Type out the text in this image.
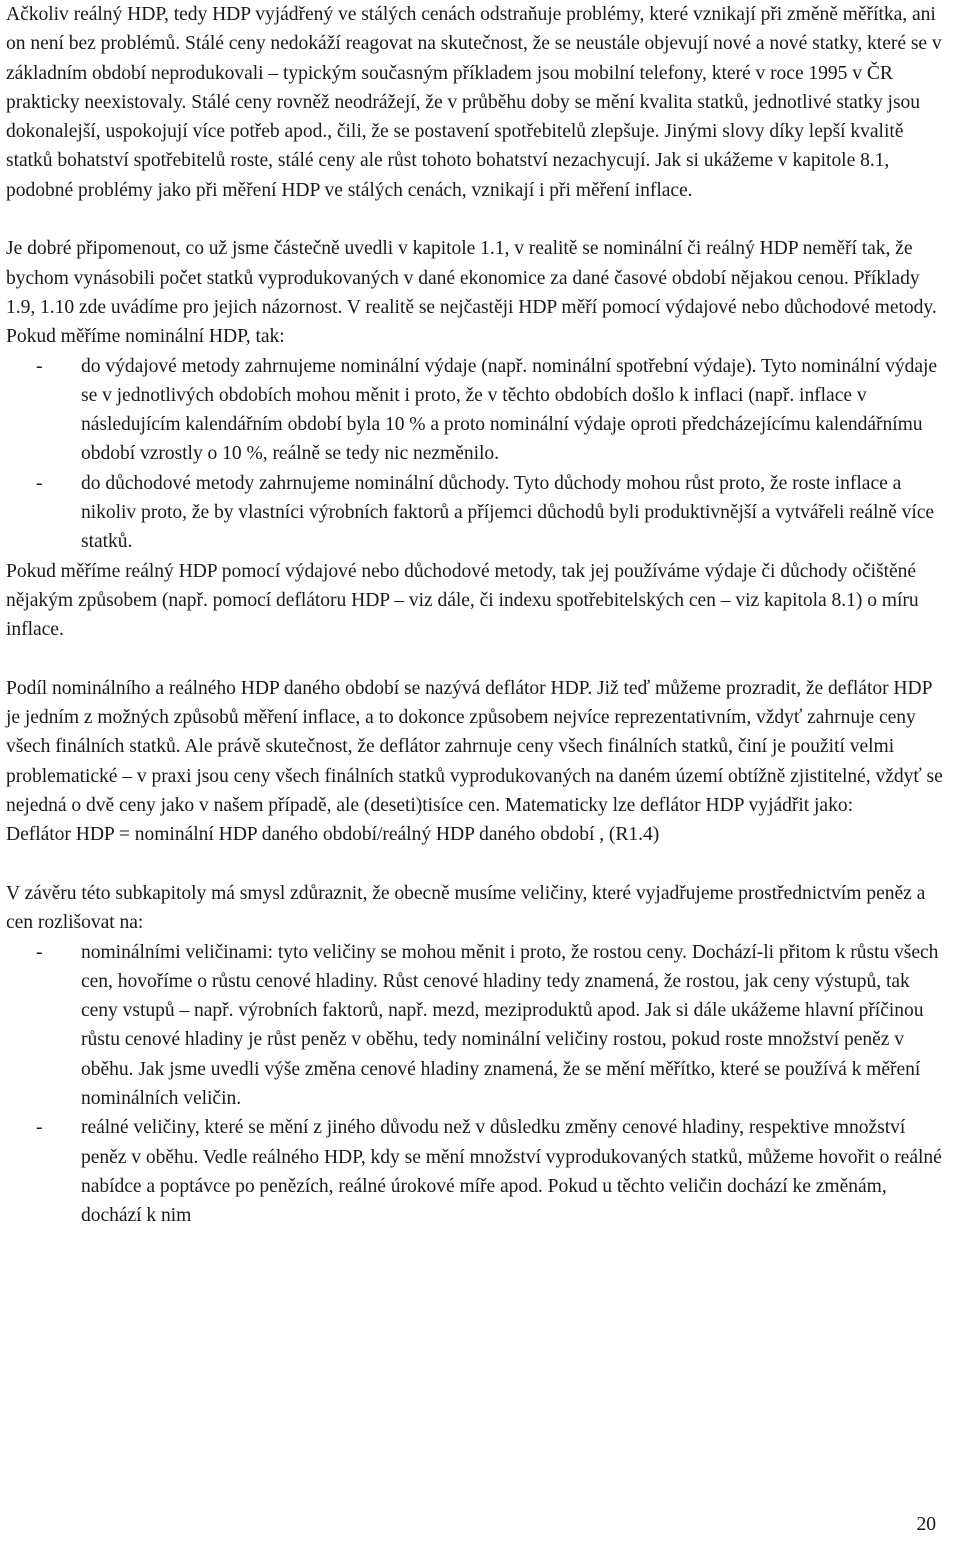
Ačkoliv reálný HDP, tedy HDP vyjádřený ve stálých cenách odstraňuje problémy, které vznikají při změně měřítka, ani on není bez problémů. Stálé ceny nedokáží reagovat na skutečnost, že se neustále objevují nové a nové statky, které se v základním období neprodukovali – typickým současným příkladem jsou mobilní telefony, které v roce 1995 v ČR prakticky neexistovaly. Stálé ceny rovněž neodrážejí, že v průběhu doby se mění kvalita statků, jednotlivé statky jsou dokonalejší, uspokojují více potřeb apod., čili, že se postavení spotřebitelů zlepšuje. Jinými slovy díky lepší kvalitě statků bohatství spotřebitelů roste, stálé ceny ale růst tohoto bohatství nezachycují. Jak si ukážeme v kapitole 8.1, podobné problémy jako při měření HDP ve stálých cenách, vznikají i při měření inflace.

Je dobré připomenout, co už jsme částečně uvedli v kapitole 1.1, v realitě se nominální či reálný HDP neměří tak, že bychom vynásobili počet statků vyprodukovaných v dané ekonomice za dané časové období nějakou cenou. Příklady 1.9, 1.10 zde uvádíme pro jejich názornost. V realitě se nejčastěji HDP měří pomocí výdajové nebo důchodové metody. Pokud měříme nominální HDP, tak:

- do výdajové metody zahrnujeme nominální výdaje (např. nominální spotřební výdaje). Tyto nominální výdaje se v jednotlivých obdobích mohou měnit i proto, že v těchto obdobích došlo k inflaci (např. inflace v následujícím kalendářním období byla 10 % a proto nominální výdaje oproti předcházejícímu kalendářnímu období vzrostly o 10 %, reálně se tedy nic nezměnilo.
- do důchodové metody zahrnujeme nominální důchody. Tyto důchody mohou růst proto, že roste inflace a nikoliv proto, že by vlastníci výrobních faktorů a příjemci důchodů byli produktivnější a vytvářeli reálně více statků.

Pokud měříme reálný HDP pomocí výdajové nebo důchodové metody, tak jej používáme výdaje či důchody očištěné nějakým způsobem (např. pomocí deflátoru HDP – viz dále, či indexu spotřebitelských cen – viz kapitola 8.1) o míru inflace.

Podíl nominálního a reálného HDP daného období se nazývá deflátor HDP. Již teď můžeme prozradit, že deflátor HDP je jedním z možných způsobů měření inflace, a to dokonce způsobem nejvíce reprezentativním, vždyť zahrnuje ceny všech finálních statků. Ale právě skutečnost, že deflátor zahrnuje ceny všech finálních statků, činí je použití velmi problematické – v praxi jsou ceny všech finálních statků vyprodukovaných na daném území obtížně zjistitelné, vždyť se nejedná o dvě ceny jako v našem případě, ale (deseti)tisíce cen. Matematicky lze deflátor HDP vyjádřit jako:

Deflátor HDP = nominální HDP daného období/reálný HDP daného období , (R1.4)

V závěru této subkapitoly má smysl zdůraznit, že obecně musíme veličiny, které vyjadřujeme prostřednictvím peněz a cen rozlišovat na:

- nominálními veličinami: tyto veličiny se mohou měnit i proto, že rostou ceny. Dochází-li přitom k růstu všech cen, hovoříme o růstu cenové hladiny. Růst cenové hladiny tedy znamená, že rostou, jak ceny výstupů, tak ceny vstupů – např. výrobních faktorů, např. mezd, meziproduktů apod. Jak si dále ukážeme hlavní příčinou růstu cenové hladiny je růst peněz v oběhu, tedy nominální veličiny rostou, pokud roste množství peněz v oběhu. Jak jsme uvedli výše změna cenové hladiny znamená, že se mění měřítko, které se používá k měření nominálních veličin.
- reálné veličiny, které se mění z jiného důvodu než v důsledku změny cenové hladiny, respektive množství peněz v oběhu. Vedle reálného HDP, kdy se mění množství vyprodukovaných statků, můžeme hovořit o reálné nabídce a poptávce po penězích, reálné úrokové míře apod. Pokud u těchto veličin dochází ke změnám, dochází k nim
20
